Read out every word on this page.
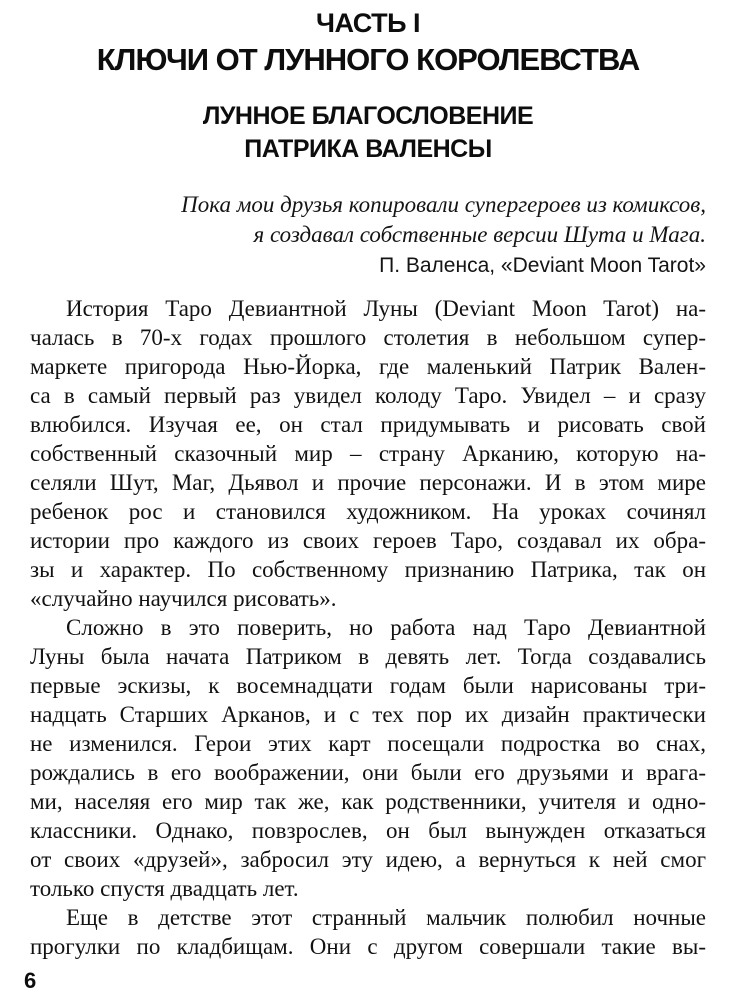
ЧАСТЬ I
КЛЮЧИ ОТ ЛУННОГО КОРОЛЕВСТВА
ЛУННОЕ БЛАГОСЛОВЕНИЕ
ПАТРИКА ВАЛЕНСЫ
Пока мои друзья копировали супергероев из комиксов,
я создавал собственные версии Шута и Мага.
П. Валенса, «Deviant Moon Tarot»
История Таро Девиантной Луны (Deviant Moon Tarot) на-
чалась в 70-х годах прошлого столетия в небольшом супер-
маркете пригорода Нью-Йорка, где маленький Патрик Вален-
са в самый первый раз увидел колоду Таро. Увидел – и сразу
влюбился. Изучая ее, он стал придумывать и рисовать свой
собственный сказочный мир – страну Арканию, которую на-
селяли Шут, Маг, Дьявол и прочие персонажи. И в этом мире
ребенок рос и становился художником. На уроках сочинял
истории про каждого из своих героев Таро, создавал их обра-
зы и характер. По собственному признанию Патрика, так он
«случайно научился рисовать».
Сложно в это поверить, но работа над Таро Девиантной
Луны была начата Патриком в девять лет. Тогда создавались
первые эскизы, к восемнадцати годам были нарисованы три-
надцать Старших Арканов, и с тех пор их дизайн практически
не изменился. Герои этих карт посещали подростка во снах,
рождались в его воображении, они были его друзьями и врага-
ми, населяя его мир так же, как родственники, учителя и одно-
классники. Однако, повзрослев, он был вынужден отказаться
от своих «друзей», забросил эту идею, а вернуться к ней смог
только спустя двадцать лет.
Еще в детстве этот странный мальчик полюбил ночные
прогулки по кладбищам. Они с другом совершали такие вы-
6
